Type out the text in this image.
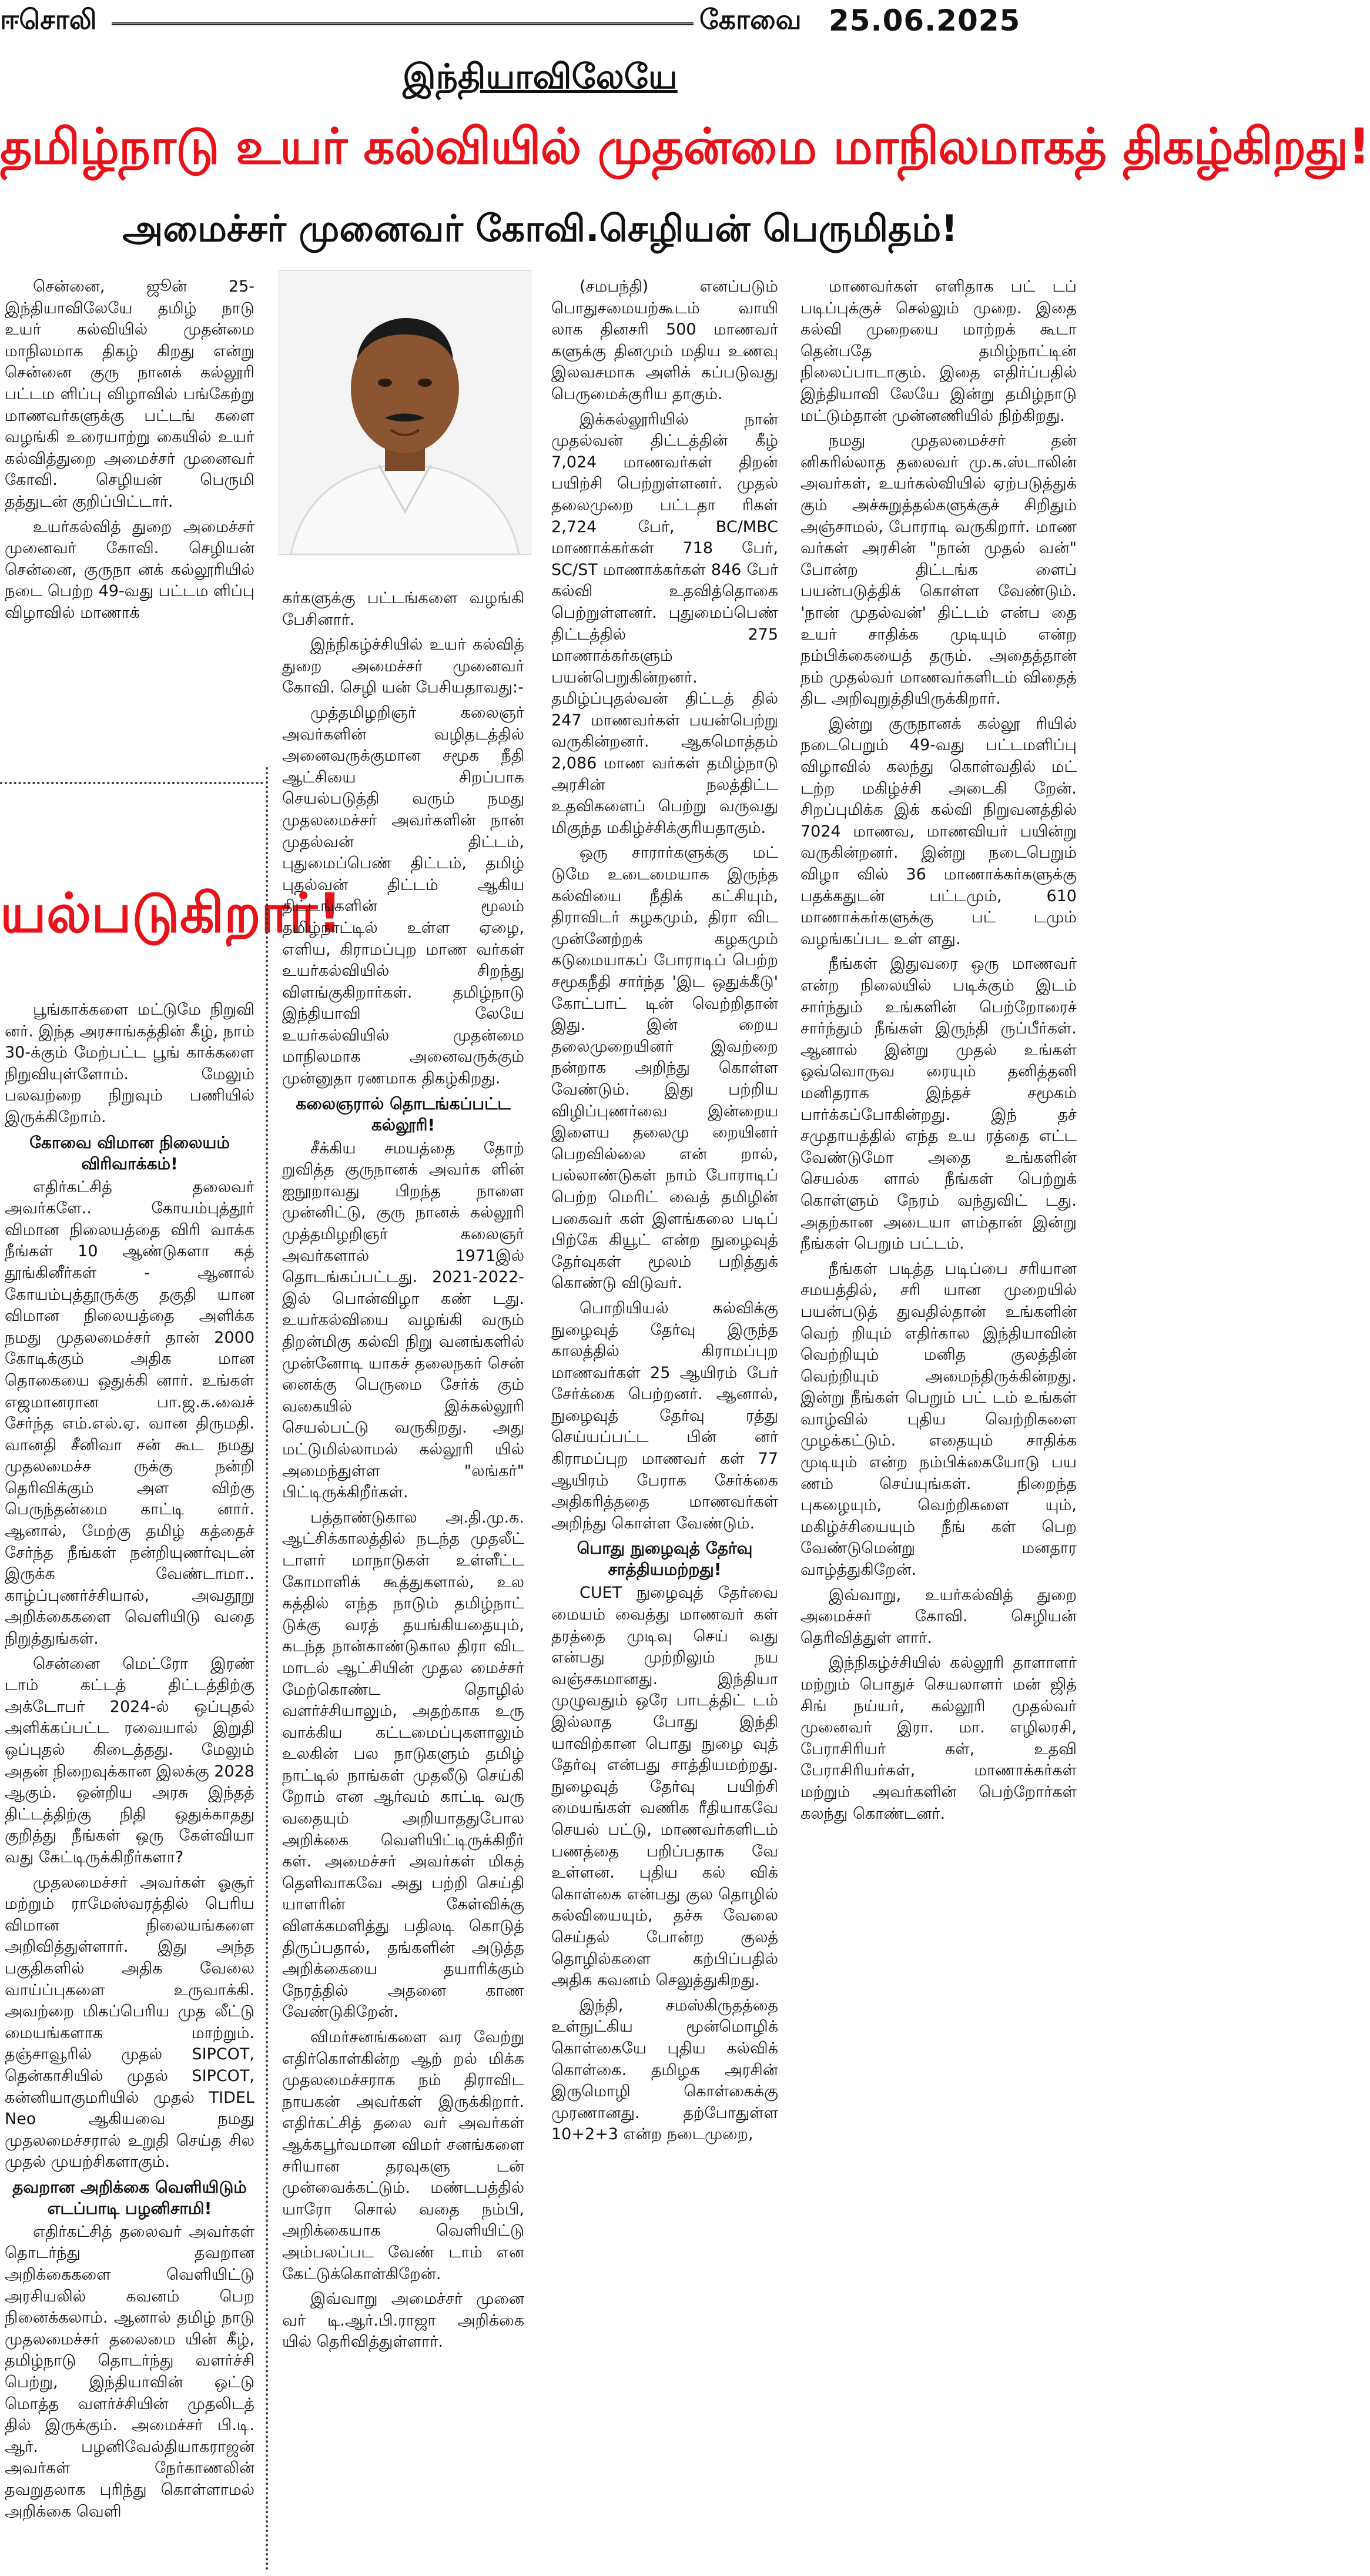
ஈசொலி	கோவை 25.06.2025
இந்தியாவிலேயே
தமிழ்நாடு உயர் கல்வியில் முதன்மை மாநிலமாகத் திகழ்கிறது!
அமைச்சர் முனைவர் கோவி.செழியன் பெருமிதம்!

சென்னை, ஜூன் 25- இந்தியாவிலேயே தமிழ் நாடு உயர் கல்வியில் முதன்மை மாநிலமாக திகழ் கிறது என்று சென்னை குரு நானக் கல்லூரி பட்டம ளிப்பு விழாவில் பங்கேற்று மாணவர்களுக்கு பட்டங் களை வழங்கி உரையாற்று கையில் உயர் கல்வித்துறை அமைச்சர் முனைவர் கோவி. செழியன் பெருமி தத்துடன் குறிப்பிட்டார்.

உயர்கல்வித் துறை அமைச்சர் முனைவர் கோவி. செழியன் சென்னை, குருநா னக் கல்லூரியில் நடை பெற்ற 49-வது பட்டம ளிப்பு விழாவில் மாணாக்

யல்படுகிறார்!

பூங்காக்களை மட்டுமே நிறுவி னர். இந்த அரசாங்கத்தின் கீழ், நாம் 30-க்கும் மேற்பட்ட பூங் காக்களை நிறுவியுள்ளோம். மேலும் பலவற்றை நிறுவும் பணியில் இருக்கிறோம்.

கோவை விமான நிலையம் விரிவாக்கம்!

எதிர்கட்சித் தலைவர் அவர்களே.. கோயம்புத்தூர் விமான நிலையத்தை விரி வாக்க நீங்கள் 10 ஆண்டுகளா கத் தூங்கினீர்கள் - ஆனால் கோயம்புத்தூருக்கு தகுதி யான விமான நிலையத்தை அளிக்க நமது முதலமைச்சர் தான் 2000 கோடிக்கும் அதிக மான தொகையை ஒதுக்கி னார். உங்கள் எஜமானரான பா.ஜ.க.வைச் சேர்ந்த எம்.எல்.ஏ. வான திருமதி. வானதி சீனிவா சன் கூட நமது முதலமைச்ச ருக்கு நன்றி தெரிவிக்கும் அள விற்கு பெருந்தன்மை காட்டி னார். ஆனால், மேற்கு தமிழ் கத்தைச் சேர்ந்த நீங்கள் நன்றியுணர்வுடன் இருக்க வேண்டாமா.. காழ்ப்புணர்ச்சியால், அவதூறு அறிக்கைகளை வெளியிடு வதை நிறுத்துங்கள்.

சென்னை மெட்ரோ இரண் டாம் கட்டத் திட்டத்திற்கு அக்டோபர் 2024-ல் ஒப்புதல் அளிக்கப்பட்ட ரவையால் இறுதி ஒப்புதல் கிடைத்தது. மேலும் அதன் நிறைவுக்கான இலக்கு 2028 ஆகும். ஒன்றிய அரசு இந்தத் திட்டத்திற்கு நிதி ஒதுக்காதது குறித்து நீங்கள் ஒரு கேள்வியா வது கேட்டிருக்கிறீர்களா?

முதலமைச்சர் அவர்கள் ஓசூர் மற்றும் ராமேஸ்வரத்தில் பெரிய விமான நிலையங்களை அறிவித்துள்ளார். இது அந்த பகுதிகளில் அதிக வேலை வாய்ப்புகளை உருவாக்கி. அவற்றை மிகப்பெரிய முத லீட்டு மையங்களாக மாற்றும். தஞ்சாவூரில் முதல் SIPCOT, தென்காசியில் முதல் SIPCOT, கன்னியாகுமரியில் முதல் TIDEL Neo ஆகியவை நமது முதலமைச்சரால் உறுதி செய்த சில முதல் முயற்சிகளாகும்.

தவறான அறிக்கை வெளியிடும் எடப்பாடி பழனிசாமி!

எதிர்கட்சித் தலைவர் அவர்கள் தொடர்ந்து தவறான அறிக்கைகளை வெளியிட்டு அரசியலில் கவனம் பெற நினைக்கலாம். ஆனால் தமிழ் நாடு முதலமைச்சர் தலைமை யின் கீழ், தமிழ்நாடு தொடர்ந்து வளர்ச்சி பெற்று, இந்தியாவின் ஒட்டு மொத்த வளர்ச்சியின் முதலிடத் தில் இருக்கும். அமைச்சர் பி.டி. ஆர். பழனிவேல்தியாகராஜன் அவர்கள் நேர்காணலின் தவறுதலாக புரிந்து கொள்ளாமல் அறிக்கை வெளி

கர்களுக்கு பட்டங்களை வழங்கி பேசினார்.

இந்நிகழ்ச்சியில் உயர் கல்வித் துறை அமைச்சர் முனைவர் கோவி. செழி யன் பேசியதாவது:-

முத்தமிழறிஞர் கலைஞர் அவர்களின் வழிதடத்தில் அனைவருக்குமான சமூக நீதி ஆட்சியை சிறப்பாக செயல்படுத்தி வரும் நமது முதலமைச்சர் அவர்களின் நான் முதல்வன் திட்டம், புதுமைப்பெண் திட்டம், தமிழ் புதல்வன் திட்டம் ஆகிய திட்டங்களின் மூலம் தமிழ்நாட்டில் உள்ள ஏழை, எளிய, கிராமப்புற மாண வர்கள் உயர்கல்வியில் சிறந்து விளங்குகிறார்கள். தமிழ்நாடு இந்தியாவி லேயே உயர்கல்வியில் முதன்மை மாநிலமாக அனைவருக்கும் முன்னுதா ரணமாக திகழ்கிறது.

கலைஞரால் தொடங்கப்பட்ட கல்லூரி!

சீக்கிய சமயத்தை தோற் றுவித்த குருநானக் அவர்க ளின் ஐநூறாவது பிறந்த நாளை முன்னிட்டு, குரு நானக் கல்லூரி முத்தமிழறிஞர் கலைஞர் அவர்களால் 1971இல் தொடங்கப்பட்டது. 2021-2022-இல் பொன்விழா கண் டது. உயர்கல்வியை வழங்கி வரும் திறன்மிகு கல்வி நிறு வனங்களில் முன்னோடி யாகச் தலைநகர் சென் னைக்கு பெருமை சேர்க் கும் வகையில் இக்கல்லூரி செயல்பட்டு வருகிறது. அது மட்டுமில்லாமல் கல்லூரி யில் அமைந்துள்ள "லங்கர்" பிட்டிருக்கிறீர்கள்.

பத்தாண்டுகால அ.தி.மு.க. ஆட்சிக்காலத்தில் நடந்த முதலீட் டாளர் மாநாடுகள் உள்ளீட்ட கோமாளிக் கூத்துகளால், உல கத்தில் எந்த நாடும் தமிழ்நாட் டுக்கு வரத் தயங்கியதையும், கடந்த நான்காண்டுகால திரா விட மாடல் ஆட்சியின் முதல மைச்சர் மேற்கொண்ட தொழில் வளர்ச்சியாலும், அதற்காக உரு வாக்கிய கட்டமைப்புகளாலும் உலகின் பல நாடுகளும் தமிழ் நாட்டில் நாங்கள் முதலீடு செய்கி றோம் என ஆர்வம் காட்டி வரு வதையும் அறியாததுபோல அறிக்கை வெளியிட்டிருக்கிறீர் கள். அமைச்சர் அவர்கள் மிகத் தெளிவாகவே அது பற்றி செய்தி யாளரின் கேள்விக்கு விளக்கமளித்து பதிலடி கொடுத் திருப்பதால், தங்களின் அடுத்த அறிக்கையை தயாரிக்கும் நேரத்தில் அதனை காண வேண்டுகிறேன்.

விமர்சனங்களை வர வேற்று எதிர்கொள்கின்ற ஆற் றல் மிக்க முதலமைச்சராக நம் திராவிட நாயகன் அவர்கள் இருக்கிறார். எதிர்கட்சித் தலை வர் அவர்கள் ஆக்கபூர்வமான விமர் சனங்களை சரியான தரவுகளு டன் முன்வைக்கட்டும். மண்டபத்தில் யாரோ சொல் வதை நம்பி, அறிக்கையாக வெளியிட்டு அம்பலப்பட வேண் டாம் என கேட்டுக்கொள்கிறேன்.

இவ்வாறு அமைச்சர் முனை வர் டி.ஆர்.பி.ராஜா அறிக்கை யில் தெரிவித்துள்ளார்.

(சமபந்தி) எனப்படும் பொதுசமையற்கூடம் வாயி லாக தினசரி 500 மாணவர் களுக்கு தினமும் மதிய உணவு இலவசமாக அளிக் கப்படுவது பெருமைக்குரிய தாகும்.

இக்கல்லூரியில் நான் முதல்வன் திட்டத்தின் கீழ் 7,024 மாணவர்கள் திறன் பயிற்சி பெற்றுள்ளனர். முதல் தலைமுறை பட்டதா ரிகள் 2,724 பேர், BC/MBC மாணாக்கர்கள் 718 பேர், SC/ST மாணாக்கர்கள் 846 பேர் கல்வி உதவித்தொகை பெற்றுள்ளனர். புதுமைப்பெண் திட்டத்தில் 275 மாணாக்கர்களும் பயன்பெறுகின்றனர். தமிழ்ப்புதல்வன் திட்டத் தில் 247 மாணவர்கள் பயன்பெற்று வருகின்றனர். ஆகமொத்தம் 2,086 மாண வர்கள் தமிழ்நாடு அரசின் நலத்திட்ட உதவிகளைப் பெற்று வருவது மிகுந்த மகிழ்ச்சிக்குரியதாகும்.

ஒரு சாரார்களுக்கு மட் டுமே உடைமையாக இருந்த கல்வியை நீதிக் கட்சியும், திராவிடர் கழகமும், திரா விட முன்னேற்றக் கழகமும் கடுமையாகப் போராடிப் பெற்ற சமூகநீதி சார்ந்த 'இட ஒதுக்கீடு' கோட்பாட் டின் வெற்றிதான் இது. இன் றைய தலைமுறையினர் இவற்றை நன்றாக அறிந்து கொள்ள வேண்டும். இது பற்றிய விழிப்புணர்வை இன்றைய இளைய தலைமு றையினர் பெறவில்லை என் றால், பல்லாண்டுகள் நாம் போராடிப் பெற்ற மெரிட் வைத் தமிழின் பகைவர் கள் இளங்கலை படிப் பிற்கே கியூட் என்ற நுழைவுத் தேர்வுகள் மூலம் பறித்துக் கொண்டு விடுவர்.

பொறியியல் கல்விக்கு நுழைவுத் தேர்வு இருந்த காலத்தில் கிராமப்புற மாணவர்கள் 25 ஆயிரம் பேர் சேர்க்கை பெற்றனர். ஆனால், நுழைவுத் தேர்வு ரத்து செய்யப்பட்ட பின் னர் கிராமப்புற மாணவர் கள் 77 ஆயிரம் பேராக சேர்க்கை அதிகரித்ததை மாணவர்கள் அறிந்து கொள்ள வேண்டும்.

பொது நுழைவுத் தேர்வு சாத்தியமற்றது!

CUET நுழைவுத் தேர்வை மையம் வைத்து மாணவர் கள் தரத்தை முடிவு செய் வது என்பது முற்றிலும் நய வஞ்சகமானது. இந்தியா முழுவதும் ஒரே பாடத்திட் டம் இல்லாத போது இந்தி யாவிற்கான பொது நுழை வுத் தேர்வு என்பது சாத்தியமற்றது. நுழைவுத் தேர்வு பயிற்சி மையங்கள் வணிக ரீதியாகவே செயல் பட்டு, மாணவர்களிடம் பணத்தை பறிப்பதாக வே உள்ளன. புதிய கல் விக் கொள்கை என்பது குல தொழில் கல்வியையும், தச்சு வேலை செய்தல் போன்ற குலத் தொழில்களை கற்பிப்பதில் அதிக கவனம் செலுத்துகிறது.

இந்தி, சமஸ்கிருதத்தை உள்நுட்கிய மூன்மொழிக் கொள்கையே புதிய கல்விக் கொள்கை. தமிழக அரசின் இருமொழி கொள்கைக்கு முரணானது. தற்போதுள்ள 10+2+3 என்ற நடைமுறை,

மாணவர்கள் எளிதாக பட் டப் படிப்புக்குச் செல்லும் முறை. இதை கல்வி முறையை மாற்றக் கூடா தென்பதே தமிழ்நாட்டின் நிலைப்பாடாகும். இதை எதிர்ப்பதில் இந்தியாவி லேயே இன்று தமிழ்நாடு மட்டும்தான் முன்னணியில் நிற்கிறது.

நமது முதலமைச்சர் தன் னிகரில்லாத தலைவர் மு.க.ஸ்டாலின் அவர்கள், உயர்கல்வியில் ஏற்படுத்துக் கும் அச்சுறுத்தல்களுக்குச் சிறிதும் அஞ்சாமல், போராடி வருகிறார். மாண வர்கள் அரசின் "நான் முதல் வன்" போன்ற திட்டங்க ளைப் பயன்படுத்திக் கொள்ள வேண்டும். 'நான் முதல்வன்' திட்டம் என்ப தை உயர் சாதிக்க முடியும் என்ற நம்பிக்கையைத் தரும். அதைத்தான் நம் முதல்வர் மாணவர்களிடம் விதைத் திட அறிவுறுத்தியிருக்கிறார்.

இன்று குருநானக் கல்லூ ரியில் நடைபெறும் 49-வது பட்டமளிப்பு விழாவில் கலந்து கொள்வதில் மட் டற்ற மகிழ்ச்சி அடைகி றேன். சிறப்புமிக்க இக் கல்வி நிறுவனத்தில் 7024 மாணவ, மாணவியர் பயின்று வருகின்றனர். இன்று நடைபெறும் விழா வில் 36 மாணாக்கர்களுக்கு பதக்கதுடன் பட்டமும், 610 மாணாக்கர்களுக்கு பட் டமும் வழங்கப்பட உள் ளது.

நீங்கள் இதுவரை ஒரு மாணவர் என்ற நிலையில் படிக்கும் இடம் சார்ந்தும் உங்களின் பெற்றோரைச் சார்ந்தும் நீங்கள் இருந்தி ருப்பீர்கள். ஆனால் இன்று முதல் உங்கள் ஒவ்வொருவ ரையும் தனித்தனி மனிதராக இந்தச் சமூகம் பார்க்கப்போகின்றது. இந் தச் சமுதாயத்தில் எந்த உய ரத்தை எட்ட வேண்டுமோ அதை உங்களின் செயல்க ளால் நீங்கள் பெற்றுக் கொள்ளும் நேரம் வந்துவிட் டது. அதற்கான அடையா ளம்தான் இன்று நீங்கள் பெறும் பட்டம்.

நீங்கள் படித்த படிப்பை சரியான சமயத்தில், சரி யான முறையில் பயன்படுத் துவதில்தான் உங்களின் வெற் றியும் எதிர்கால இந்தியாவின் வெற்றியும் மனித குலத்தின் வெற்றியும் அமைந்திருக்கின்றது. இன்று நீங்கள் பெறும் பட் டம் உங்கள் வாழ்வில் புதிய வெற்றிகளை முழக்கட்டும். எதையும் சாதிக்க முடியும் என்ற நம்பிக்கையோடு பய ணம் செய்யுங்கள். நிறைந்த புகழையும், வெற்றிகளை யும், மகிழ்ச்சியையும் நீங் கள் பெற வேண்டுமென்று மனதார வாழ்த்துகிறேன்.

இவ்வாறு, உயர்கல்வித் துறை அமைச்சர் கோவி. செழியன் தெரிவித்துள் ளார்.

இந்நிகழ்ச்சியில் கல்லூரி தாளாளர் மற்றும் பொதுச் செயலாளர் மன் ஜித் சிங் நய்யர், கல்லூரி முதல்வர் முனைவர் இரா. மா. எழிலரசி, பேராசிரியர் கள், உதவி பேராசிரியர்கள், மாணாக்கர்கள் மற்றும் அவர்களின் பெற்றோர்கள் கலந்து கொண்டனர்.
